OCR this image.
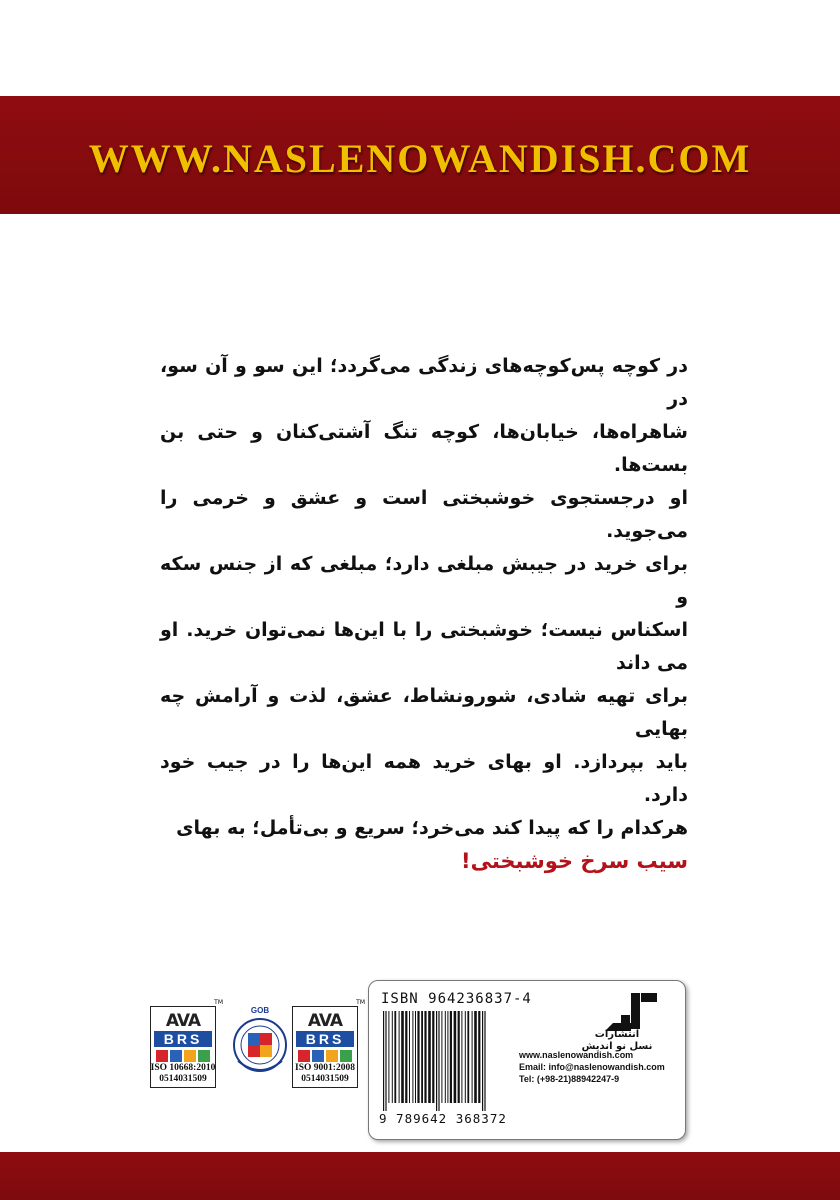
WWW.NASLENOWANDISH.COM
در کوچه پس‌کوچه‌های زندگی می‌گردد؛ این سو و آن سو، در
شاهراه‌ها، خیابان‌ها، کوچه تنگ آشتی‌کنان و حتی بن بست‌ها.
او درجستجوی خوشبختی است و عشق و خرمی را می‌جوید.
برای خرید در جیبش مبلغی دارد؛ مبلغی که از جنس سکه و
اسکناس نیست؛ خوشبختی را با این‌ها نمی‌توان خرید. او می داند
برای تهیه شادی، شورونشاط، عشق، لذت و آرامش چه بهایی
باید بپردازد. او بهای خرید همه این‌ها را در جیب خود دارد.
هرکدام را که پیدا کند می‌خرد؛ سریع و بی‌تأمل؛ به بهای
سیب سرخ خوشبختی!
TM
AVA
BRS
ISO 10668:2010
0514031509
GOB
TM
AVA
BRS
ISO 9001:2008
0514031509
ISBN 964236837-4
9 789642 368372
انتشارات
نسل نو اندیش
www.naslenowandish.com
Email: info@naslenowandish.com
Tel: (+98-21)88942247-9
